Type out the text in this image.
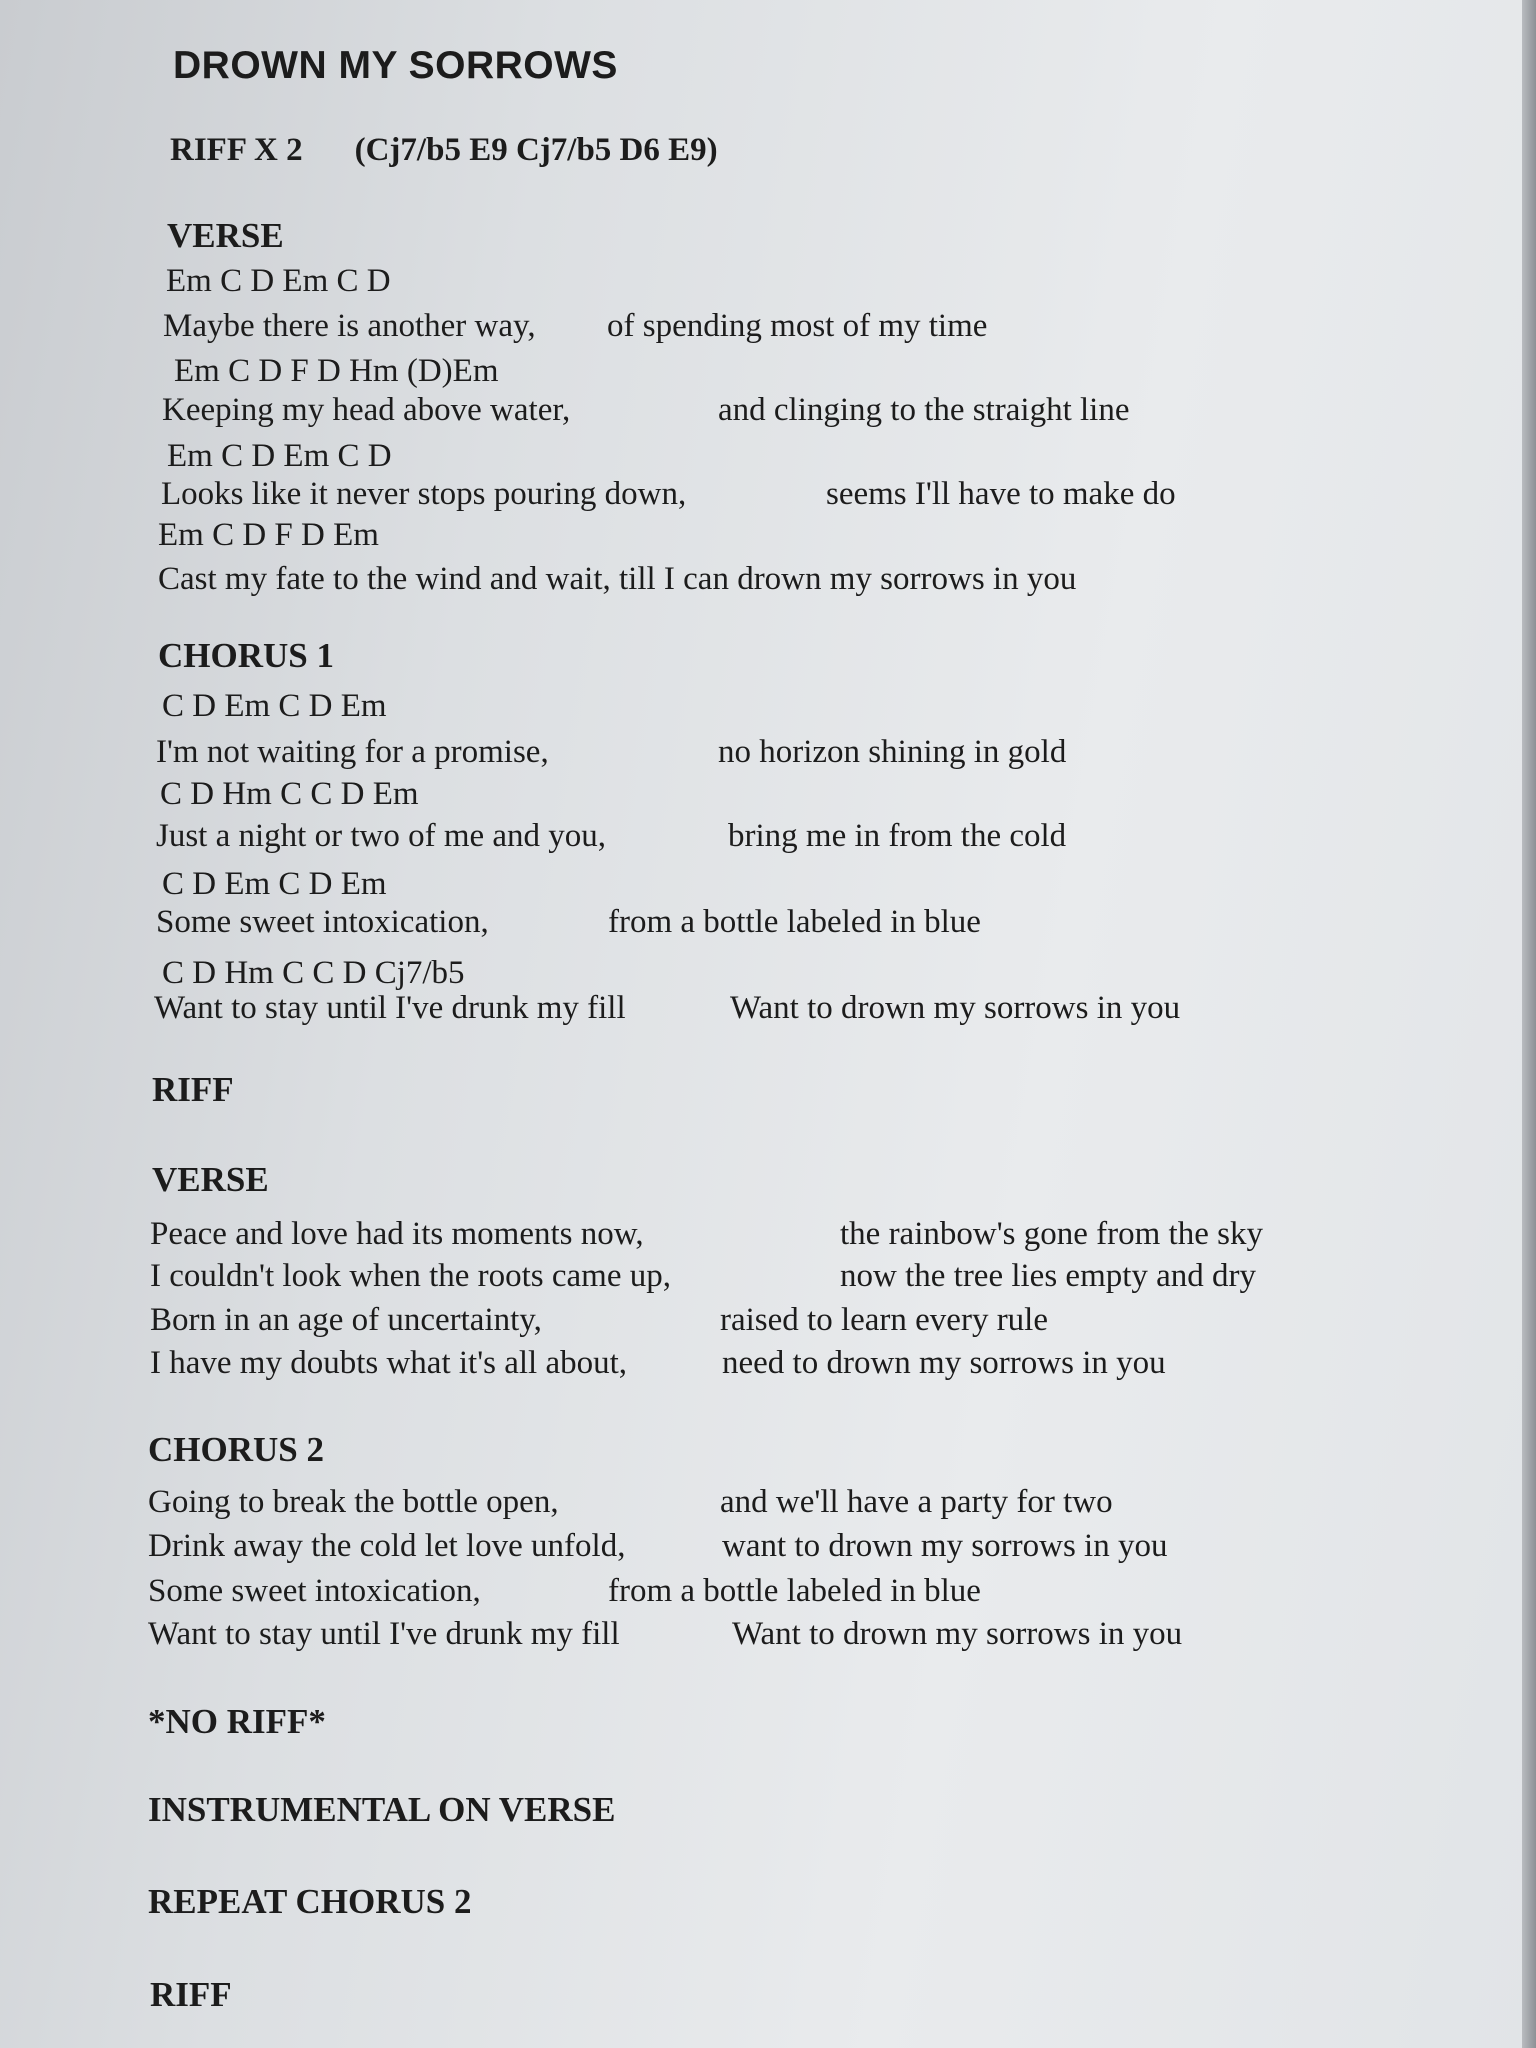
DROWN MY SORROWS
RIFF X 2 (Cj7/b5 E9 Cj7/b5 D6 E9)
VERSE
Em C D Em C D
Maybe there is another way, of spending most of my time
Em C D F D Hm (D)Em
Keeping my head above water,	and clinging to the straight line
Em C D Em C D
Looks like it never stops pouring down,	seems I'll have to make do
Em C D F D Em
Cast my fate to the wind and wait, till I can drown my sorrows in you
CHORUS 1
C D Em C D Em
I'm not waiting for a promise,	no horizon shining in gold
C D Hm C C D Em
Just a night or two of me and you,	bring me in from the cold
C D Em C D Em
Some sweet intoxication,	from a bottle labeled in blue
C D Hm C C D Cj7/b5
Want to stay until I've drunk my fill	Want to drown my sorrows in you
RIFF
VERSE
Peace and love had its moments now,	the rainbow's gone from the sky
I couldn't look when the roots came up,	now the tree lies empty and dry
Born in an age of uncertainty,	raised to learn every rule
I have my doubts what it's all about,	need to drown my sorrows in you
CHORUS 2
Going to break the bottle open,	and we'll have a party for two
Drink away the cold let love unfold,	want to drown my sorrows in you
Some sweet intoxication,	from a bottle labeled in blue
Want to stay until I've drunk my fill	Want to drown my sorrows in you
*NO RIFF*
INSTRUMENTAL ON VERSE
REPEAT CHORUS 2
RIFF
